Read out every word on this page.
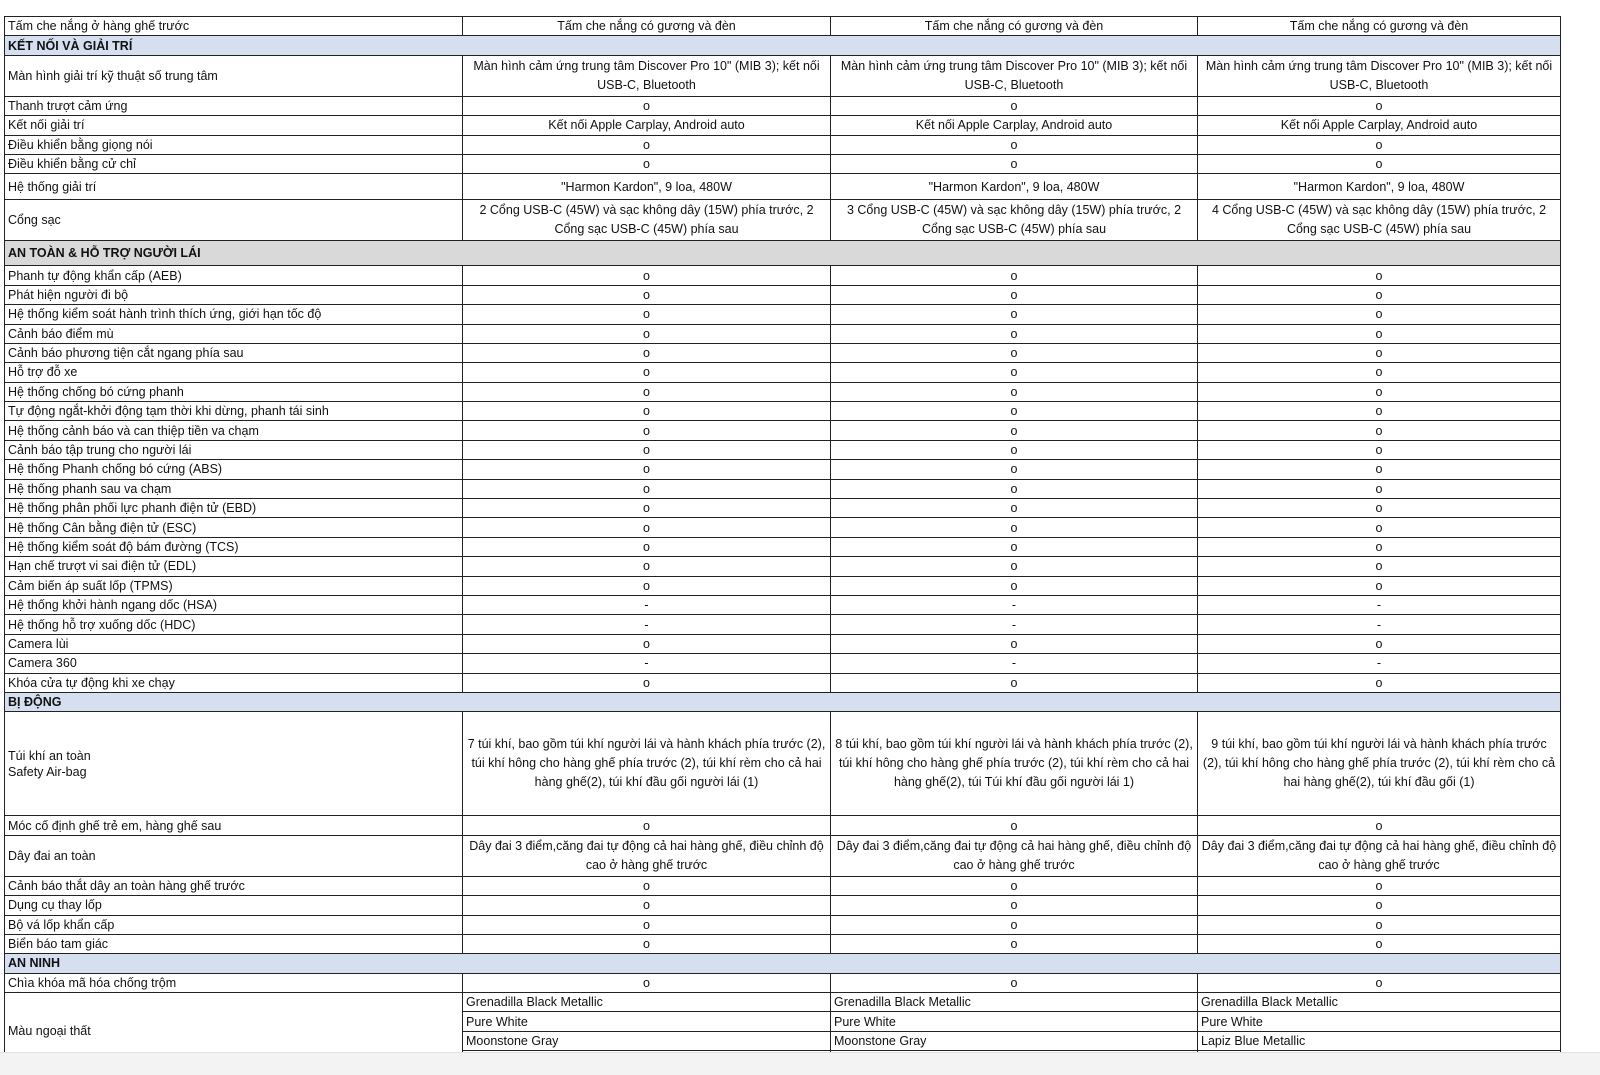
Tấm che nắng ở hàng ghế trước	Tấm che nắng có gương và đèn	Tấm che nắng có gương và đèn	Tấm che nắng có gương và đèn
KẾT NỐI VÀ GIẢI TRÍ			
Màn hình giải trí kỹ thuật số trung tâm	Màn hình cảm ứng trung tâm Discover Pro 10" (MIB 3); kết nối USB-C, Bluetooth	Màn hình cảm ứng trung tâm Discover Pro 10" (MIB 3); kết nối USB-C, Bluetooth	Màn hình cảm ứng trung tâm Discover Pro 10" (MIB 3); kết nối USB-C, Bluetooth
Thanh trượt cảm ứng	o	o	o
Kết nối giải trí	Kết nối Apple Carplay, Android auto	Kết nối Apple Carplay, Android auto	Kết nối Apple Carplay, Android auto
Điều khiển bằng giọng nói	o	o	o
Điều khiển bằng cử chỉ	o	o	o
Hệ thống giải trí	"Harmon Kardon", 9 loa, 480W	"Harmon Kardon", 9 loa, 480W	"Harmon Kardon", 9 loa, 480W
Cổng sạc	2 Cổng USB-C (45W) và sạc không dây (15W) phía trước, 2 Cổng sạc USB-C (45W) phía sau	3 Cổng USB-C (45W) và sạc không dây (15W) phía trước, 2 Cổng sạc USB-C (45W) phía sau	4 Cổng USB-C (45W) và sạc không dây (15W) phía trước, 2 Cổng sạc USB-C (45W) phía sau
AN TOÀN & HỖ TRỢ NGƯỜI LÁI			
Phanh tự động khẩn cấp (AEB)	o	o	o
Phát hiện người đi bộ	o	o	o
Hệ thống kiểm soát hành trình thích ứng, giới hạn tốc độ	o	o	o
Cảnh báo điểm mù	o	o	o
Cảnh báo phương tiện cắt ngang phía sau	o	o	o
Hỗ trợ đỗ xe	o	o	o
Hệ thống chống bó cứng phanh	o	o	o
Tự động ngắt-khởi động tạm thời khi dừng, phanh tái sinh	o	o	o
Hệ thống cảnh báo và can thiệp tiền va chạm	o	o	o
Cảnh báo tập trung cho người lái	o	o	o
Hệ thống Phanh chống bó cứng (ABS)	o	o	o
Hệ thống phanh sau va chạm	o	o	o
Hệ thống phân phối lực phanh điện tử (EBD)	o	o	o
Hệ thống Cân bằng điện tử (ESC)	o	o	o
Hệ thống kiểm soát độ bám đường (TCS)	o	o	o
Hạn chế trượt vi sai điện tử (EDL)	o	o	o
Cảm biến áp suất lốp (TPMS)	o	o	o
Hệ thống khởi hành ngang dốc (HSA)	-	-	-
Hệ thống hỗ trợ xuống dốc (HDC)	-	-	-
Camera lùi	o	o	o
Camera 360	-	-	-
Khóa cửa tự động khi xe chạy	o	o	o
BỊ ĐỘNG			

Túi khí an toàn
Safety Air-bag	7 túi khí, bao gồm túi khí người lái và hành khách phía trước (2), túi khí hông cho hàng ghế phía trước (2), túi khí rèm cho cả hai hàng ghế(2), túi khí đầu gối người lái (1)	8 túi khí, bao gồm túi khí người lái và hành khách phía trước (2), túi khí hông cho hàng ghế phía trước (2), túi khí rèm cho cả hai hàng ghế(2), túi Túi khí đầu gối người lái 1)	9 túi khí, bao gồm túi khí người lái và hành khách phía trước (2), túi khí hông cho hàng ghế phía trước (2), túi khí rèm cho cả hai hàng ghế(2), túi khí đầu gối (1)
Móc cố định ghế trẻ em, hàng ghế sau	o	o	o
Dây đai an toàn	Dây đai 3 điểm,căng đai tự động cả hai hàng ghế, điều chỉnh độ cao ở hàng ghế trước	Dây đai 3 điểm,căng đai tự động cả hai hàng ghế, điều chỉnh độ cao ở hàng ghế trước	Dây đai 3 điểm,căng đai tự động cả hai hàng ghế, điều chỉnh độ cao ở hàng ghế trước
Cảnh báo thắt dây an toàn hàng ghế trước	o	o	o
Dụng cụ thay lốp	o	o	o
Bộ vá lốp khẩn cấp	o	o	o
Biển báo tam giác	o	o	o
AN NINH			
Chìa khóa mã hóa chống trộm	o	o	o
Màu ngoại thất	Grenadilla Black Metallic	Grenadilla Black Metallic	Grenadilla Black Metallic
	Pure White	Pure White	Pure White
	Moonstone Gray	Moonstone Gray	Lapiz Blue Metallic
